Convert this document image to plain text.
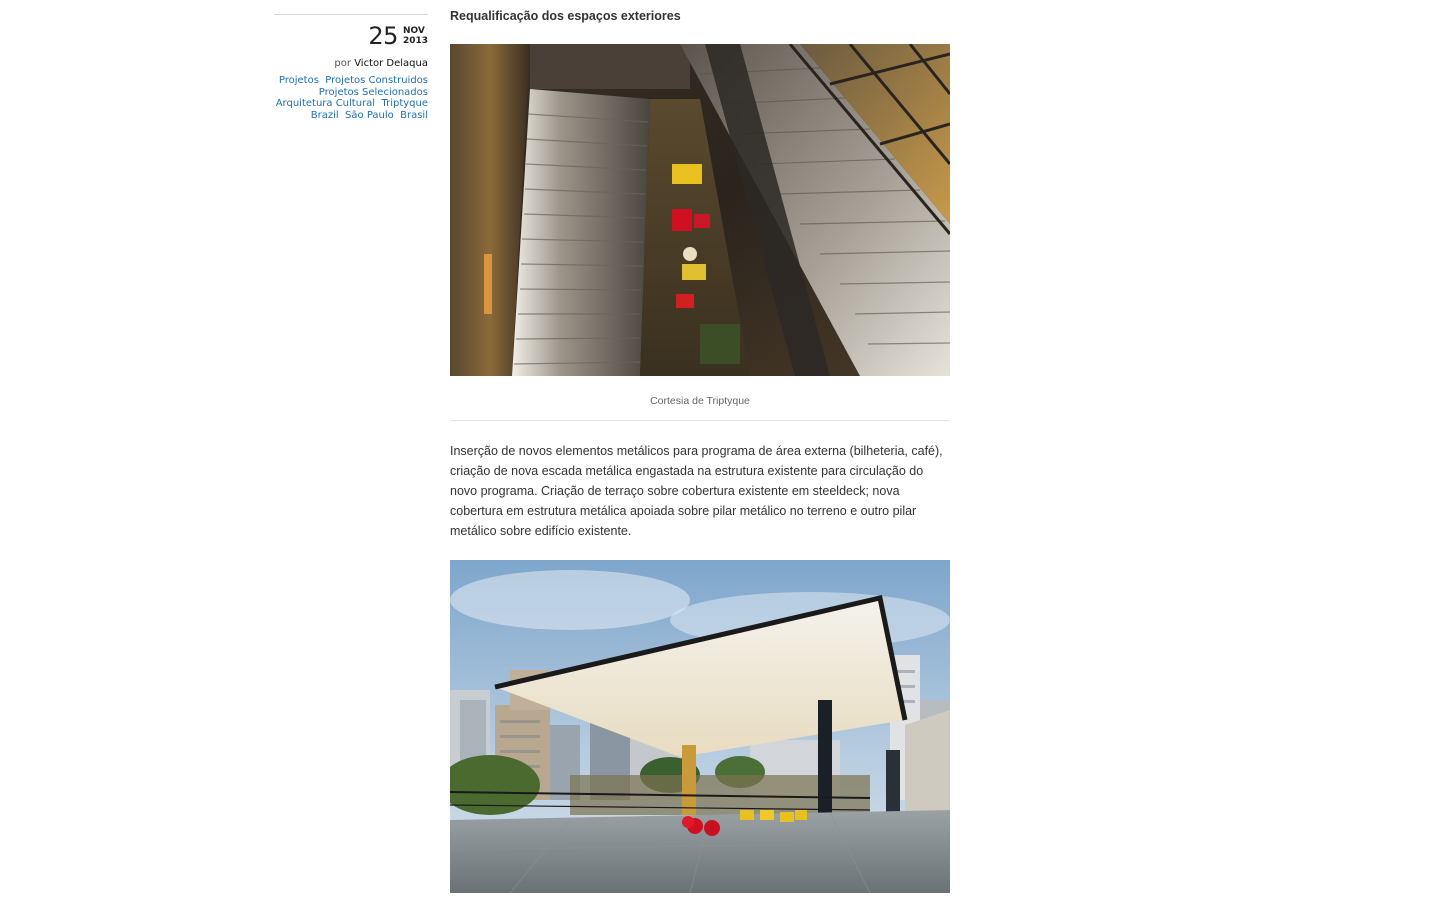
25 NOV
2013
por Victor Delaqua
Projetos Projetos Construidos
Projetos Selecionados
Arquitetura Cultural Triptyque
Brazil São Paulo Brasil
Requalificação dos espaços exteriores
Cortesia de Triptyque
Inserção de novos elementos metálicos para programa de área externa (bilheteria, café), criação de nova escada metálica engastada na estrutura existente para circulação do novo programa. Criação de terraço sobre cobertura existente em steeldeck; nova cobertura em estrutura metálica apoiada sobre pilar metálico no terreno e outro pilar metálico sobre edifício existente.
